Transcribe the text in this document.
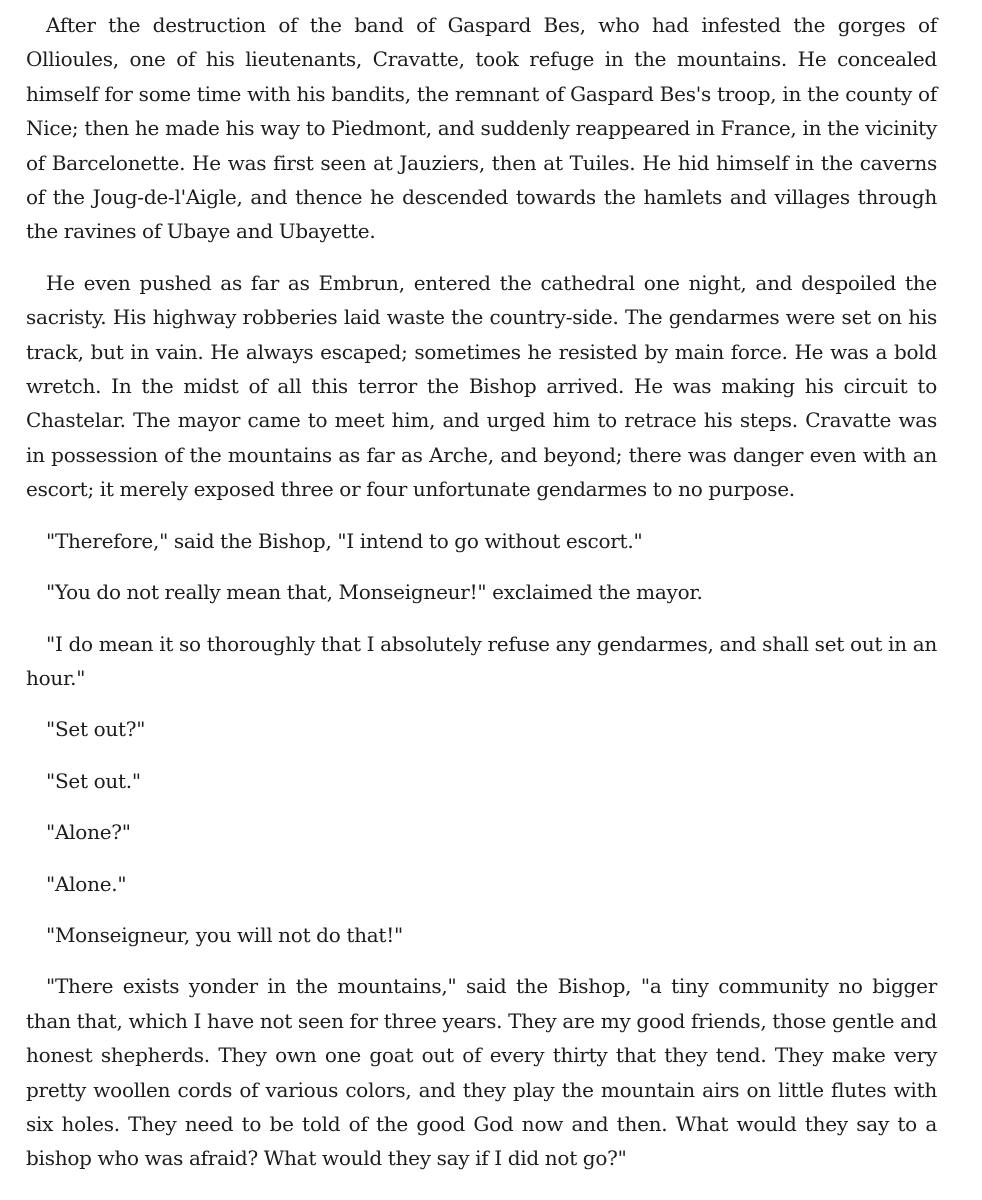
After the destruction of the band of Gaspard Bes, who had infested the gorges of Ollioules, one of his lieutenants, Cravatte, took refuge in the mountains. He concealed himself for some time with his bandits, the remnant of Gaspard Bes's troop, in the county of Nice; then he made his way to Piedmont, and suddenly reappeared in France, in the vicinity of Barcelonette. He was first seen at Jauziers, then at Tuiles. He hid himself in the caverns of the Joug-de-l'Aigle, and thence he descended towards the hamlets and villages through the ravines of Ubaye and Ubayette.

He even pushed as far as Embrun, entered the cathedral one night, and despoiled the sacristy. His highway robberies laid waste the country-side. The gendarmes were set on his track, but in vain. He always escaped; sometimes he resisted by main force. He was a bold wretch. In the midst of all this terror the Bishop arrived. He was making his circuit to Chastelar. The mayor came to meet him, and urged him to retrace his steps. Cravatte was in possession of the mountains as far as Arche, and beyond; there was danger even with an escort; it merely exposed three or four unfortunate gendarmes to no purpose.

"Therefore," said the Bishop, "I intend to go without escort."

"You do not really mean that, Monseigneur!" exclaimed the mayor.

"I do mean it so thoroughly that I absolutely refuse any gendarmes, and shall set out in an hour."

"Set out?"

"Set out."

"Alone?"

"Alone."

"Monseigneur, you will not do that!"

"There exists yonder in the mountains," said the Bishop, "a tiny community no bigger than that, which I have not seen for three years. They are my good friends, those gentle and honest shepherds. They own one goat out of every thirty that they tend. They make very pretty woollen cords of various colors, and they play the mountain airs on little flutes with six holes. They need to be told of the good God now and then. What would they say to a bishop who was afraid? What would they say if I did not go?"
